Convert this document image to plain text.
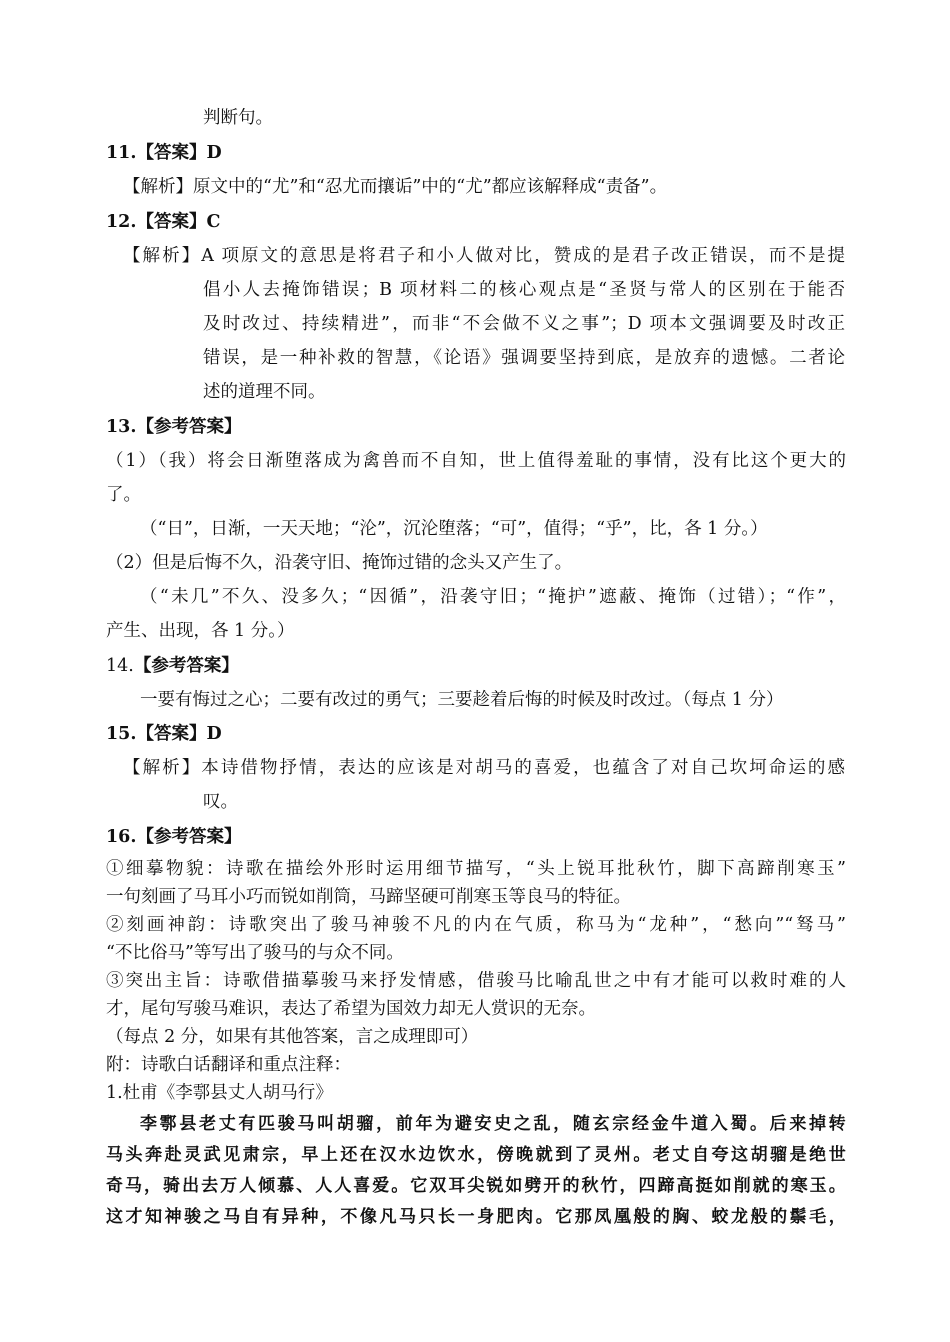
判断句。
11.【答案】D
【解析】原文中的“尤”和“忍尤而攘诟”中的“尤”都应该解释成“责备”。
12.【答案】C
【解析】A 项原文的意思是将君子和小人做对比，赞成的是君子改正错误，而不是提
倡小人去掩饰错误；B 项材料二的核心观点是“圣贤与常人的区别在于能否
及时改过、持续精进”，而非“不会做不义之事”；D 项本文强调要及时改正
错误，是一种补救的智慧，《论语》强调要坚持到底，是放弃的遗憾。二者论
述的道理不同。
13.【参考答案】
（1）（我）将会日渐堕落成为禽兽而不自知，世上值得羞耻的事情，没有比这个更大的
了。
（“日”，日渐，一天天地；“沦”，沉沦堕落；“可”，值得；“乎”，比，各 1 分。）
（2）但是后悔不久，沿袭守旧、掩饰过错的念头又产生了。
（“未几”不久、没多久；“因循”，沿袭守旧；“掩护”遮蔽、掩饰（过错）；“作”，
产生、出现，各 1 分。）
14.【参考答案】
一要有悔过之心；二要有改过的勇气；三要趁着后悔的时候及时改过。（每点 1 分）
15.【答案】D
【解析】本诗借物抒情，表达的应该是对胡马的喜爱，也蕴含了对自己坎坷命运的感
叹。
16.【参考答案】
①细摹物貌：诗歌在描绘外形时运用细节描写，“头上锐耳批秋竹，脚下高蹄削寒玉”
一句刻画了马耳小巧而锐如削筒，马蹄坚硬可削寒玉等良马的特征。
②刻画神韵：诗歌突出了骏马神骏不凡的内在气质，称马为“龙种”，“愁向”“驽马”
“不比俗马”等写出了骏马的与众不同。
③突出主旨：诗歌借描摹骏马来抒发情感，借骏马比喻乱世之中有才能可以救时难的人
才，尾句写骏马难识，表达了希望为国效力却无人赏识的无奈。
（每点 2 分，如果有其他答案，言之成理即可）
附：诗歌白话翻译和重点注释：
1.杜甫《李鄠县丈人胡马行》
李鄠县老丈有匹骏马叫胡骝，前年为避安史之乱，随玄宗经金牛道入蜀。后来掉转
马头奔赴灵武见肃宗，早上还在汉水边饮水，傍晚就到了灵州。老丈自夸这胡骝是绝世
奇马，骑出去万人倾慕、人人喜爱。它双耳尖锐如劈开的秋竹，四蹄高挺如削就的寒玉。
这才知神骏之马自有异种，不像凡马只长一身肥肉。它那凤凰般的胸、蛟龙般的鬃毛，
